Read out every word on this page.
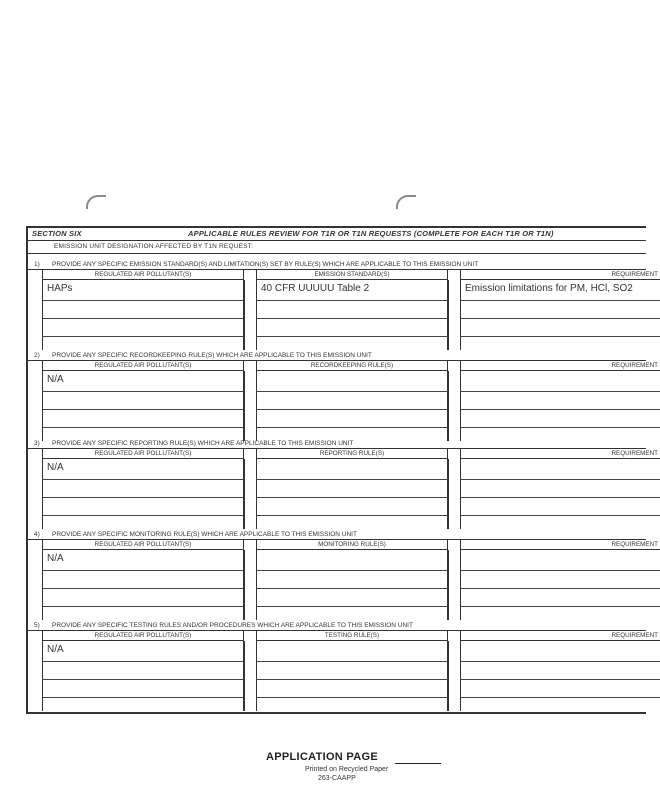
SECTION SIX	APPLICABLE RULES REVIEW FOR T1R OR T1N REQUESTS (COMPLETE FOR EACH T1R OR T1N)
EMISSION UNIT DESIGNATION AFFECTED BY T1N REQUEST:
1) PROVIDE ANY SPECIFIC EMISSION STANDARD(S) AND LIMITATION(S) SET BY RULE(S) WHICH ARE APPLICABLE TO THIS EMISSION UNIT
REGULATED AIR POLLUTANT(S)	EMISSION STANDARD(S)	REQUIREMENT
HAPs	40 CFR UUUUU Table 2	Emission limitations for PM, HCl, SO2
2) PROVIDE ANY SPECIFIC RECORDKEEPING RULE(S) WHICH ARE APPLICABLE TO THIS EMISSION UNIT
REGULATED AIR POLLUTANT(S)	RECORDKEEPING RULE(S)	REQUIREMENT
N/A
3) PROVIDE ANY SPECIFIC REPORTING RULE(S) WHICH ARE APPLICABLE TO THIS EMISSION UNIT
REGULATED AIR POLLUTANT(S)	REPORTING RULE(S)	REQUIREMENT
N/A
4) PROVIDE ANY SPECIFIC MONITORING RULE(S) WHICH ARE APPLICABLE TO THIS EMISSION UNIT
REGULATED AIR POLLUTANT(S)	MONITORING RULE(S)	REQUIREMENT
N/A
5) PROVIDE ANY SPECIFIC TESTING RULES AND/OR PROCEDURES WHICH ARE APPLICABLE TO THIS EMISSION UNIT
REGULATED AIR POLLUTANT(S)	TESTING RULE(S)	REQUIREMENT
N/A
APPLICATION PAGE
Printed on Recycled Paper
263-CAAPP
